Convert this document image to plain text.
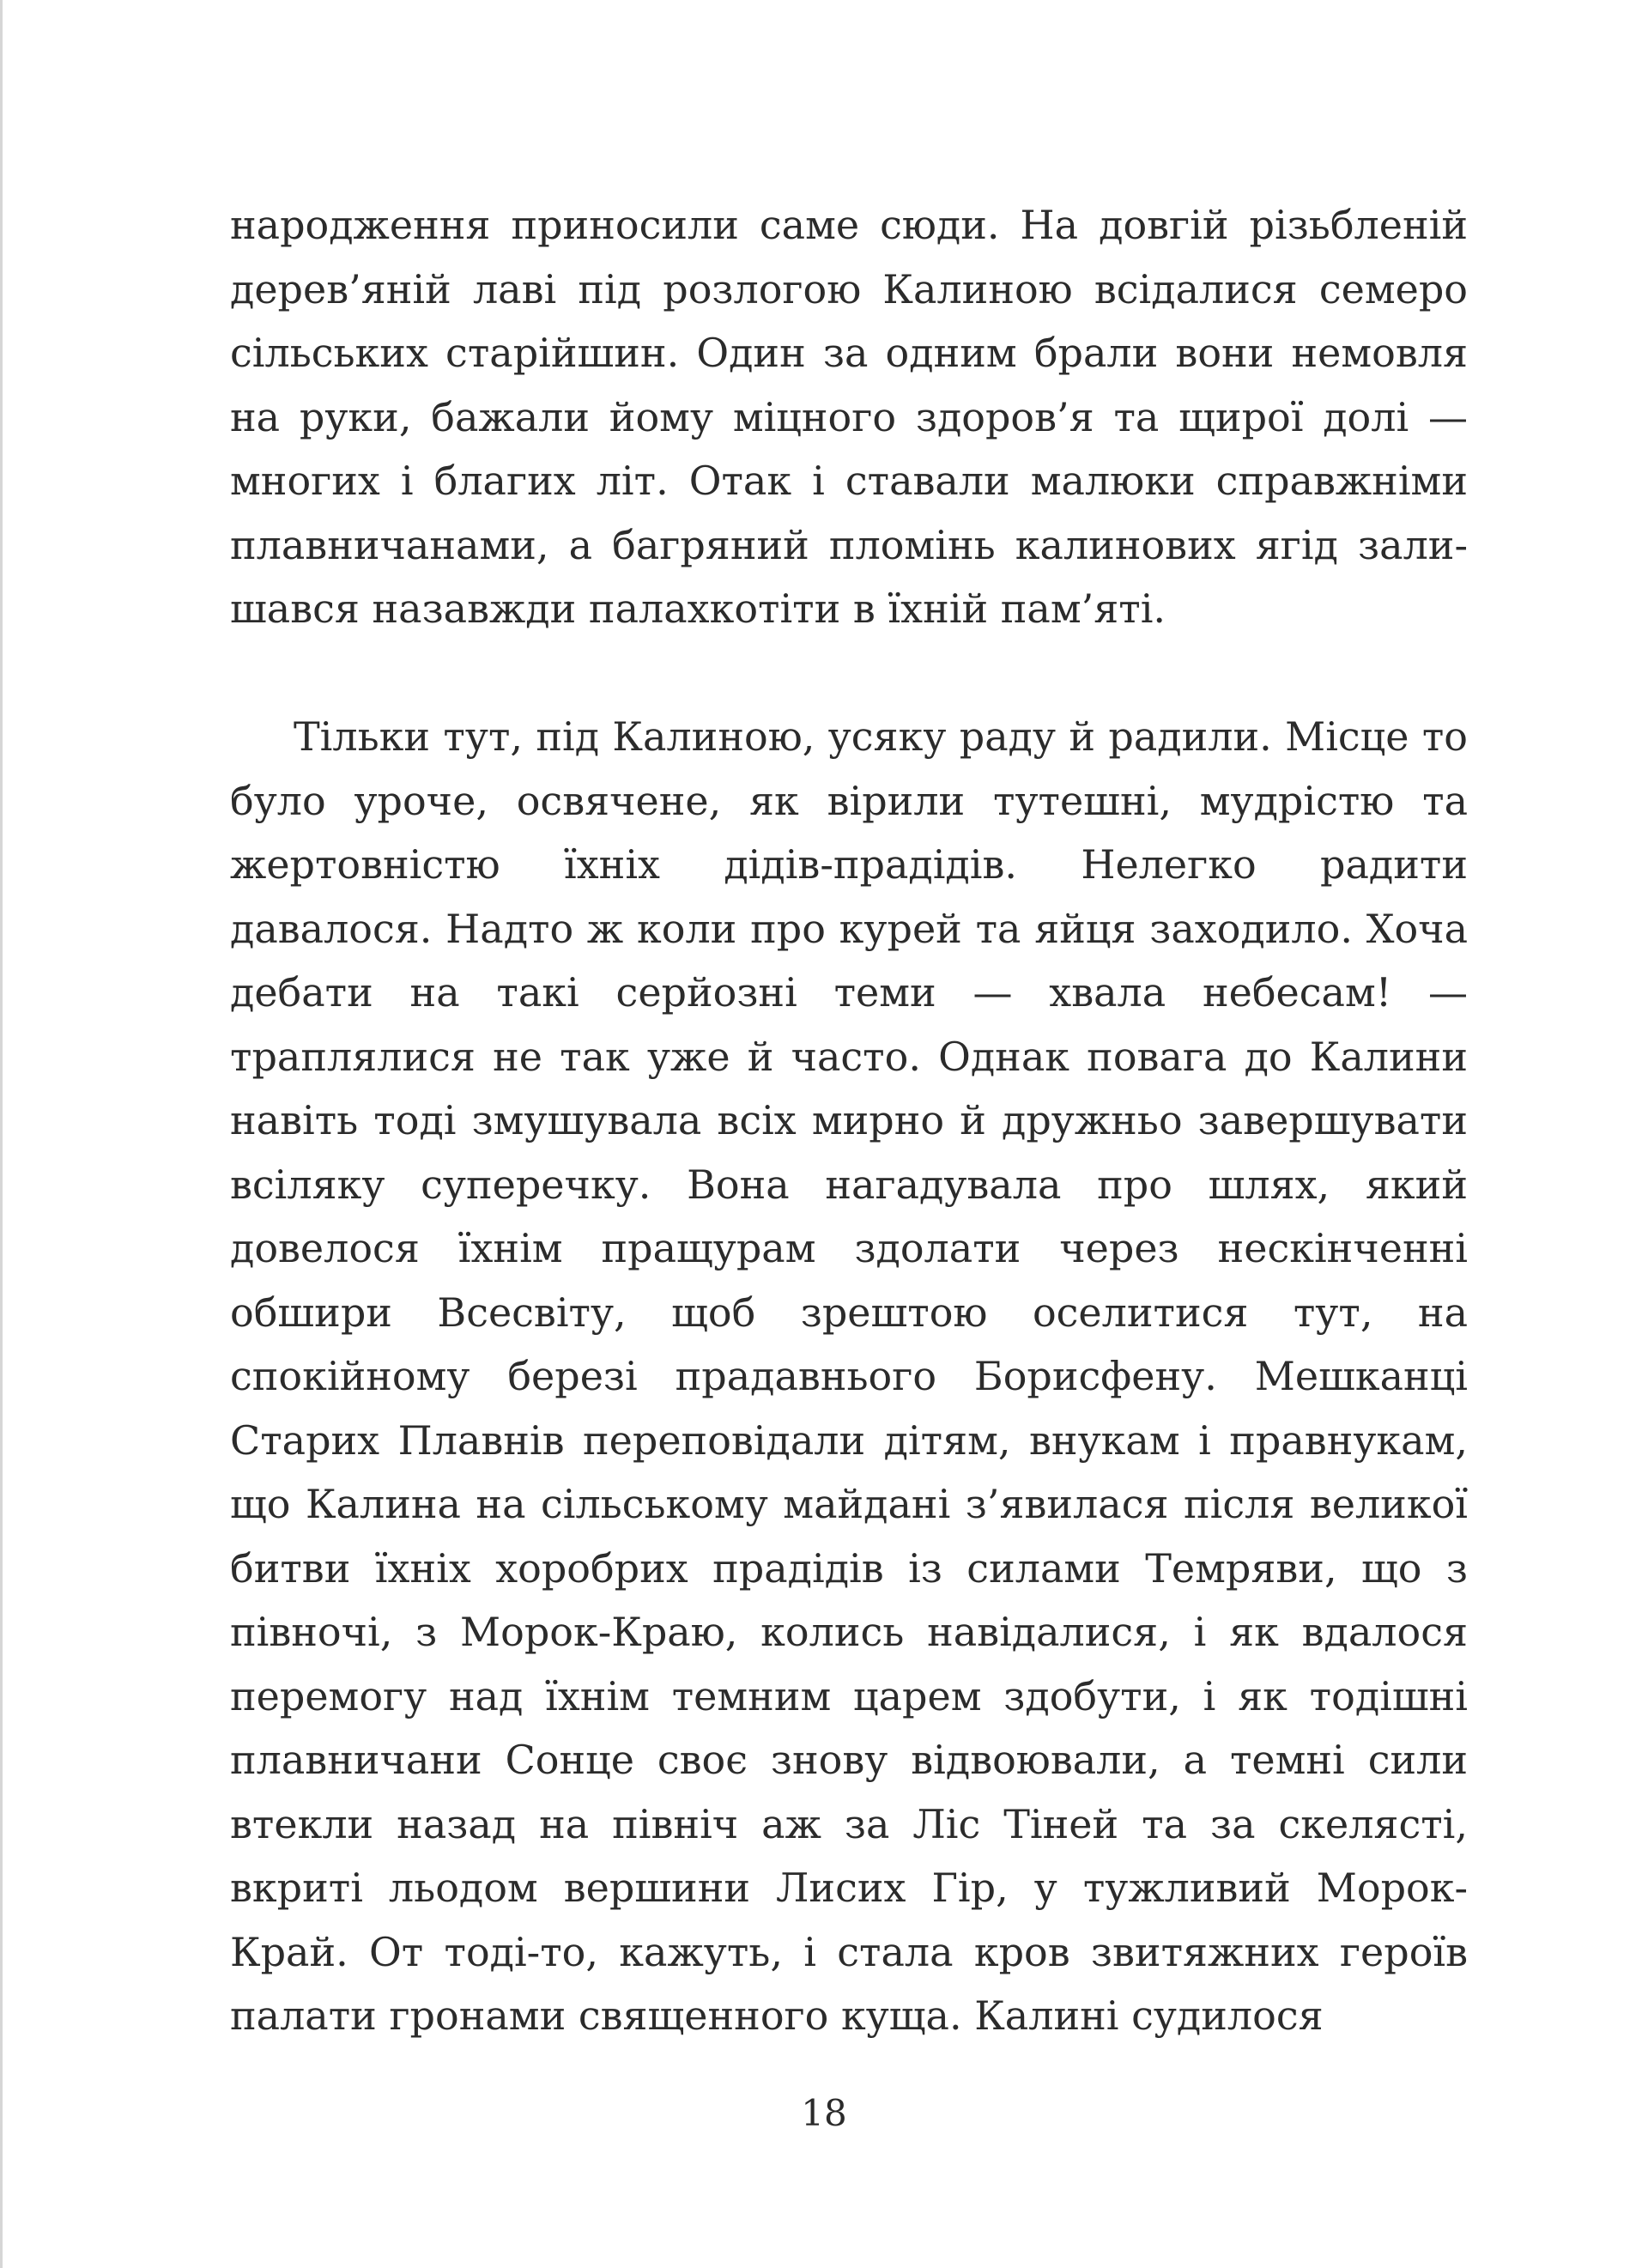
народження приносили саме сюди. На довгій різьбленій дерев’яній лаві під розлогою Калиною всідалися семеро сільських старійшин. Один за одним брали вони немовля на руки, бажали йому міцного здоров’я та щирої долі — многих і благих літ. Отак і ставали малюки справжніми плавничанами, а багряний пломінь калинових ягід залишався назавжди палахкотіти в їхній пам’яті.

Тільки тут, під Калиною, усяку раду й радили. Місце то було уроче, освячене, як вірили тутешні, мудрістю та жертовністю їхніх дідів-прадідів. Нелегко радити давалося. Надто ж коли про курей та яйця заходило. Хоча дебати на такі серйозні теми — хвала небесам! — траплялися не так уже й часто. Однак повага до Калини навіть тоді змушувала всіх мирно й дружньо завершувати всіляку суперечку. Вона нагадувала про шлях, який довелося їхнім пращурам здолати через нескінченні обшири Всесвіту, щоб зрештою оселитися тут, на спокійному березі прадавнього Борисфену. Мешканці Старих Плавнів переповідали дітям, внукам і правнукам, що Калина на сільському майдані з’явилася після великої битви їхніх хоробрих прадідів із силами Темряви, що з півночі, з Морок-Краю, колись навідалися, і як вдалося перемогу над їхнім темним царем здобути, і як тодішні плавничани Сонце своє знову відвоювали, а темні сили втекли назад на північ аж за Ліс Тіней та за скелясті, вкриті льодом вершини Лисих Гір, у тужливий Морок-Край. От тоді-то, кажуть, і стала кров звитяжних героїв палати гронами священного куща. Калині судилося

18
